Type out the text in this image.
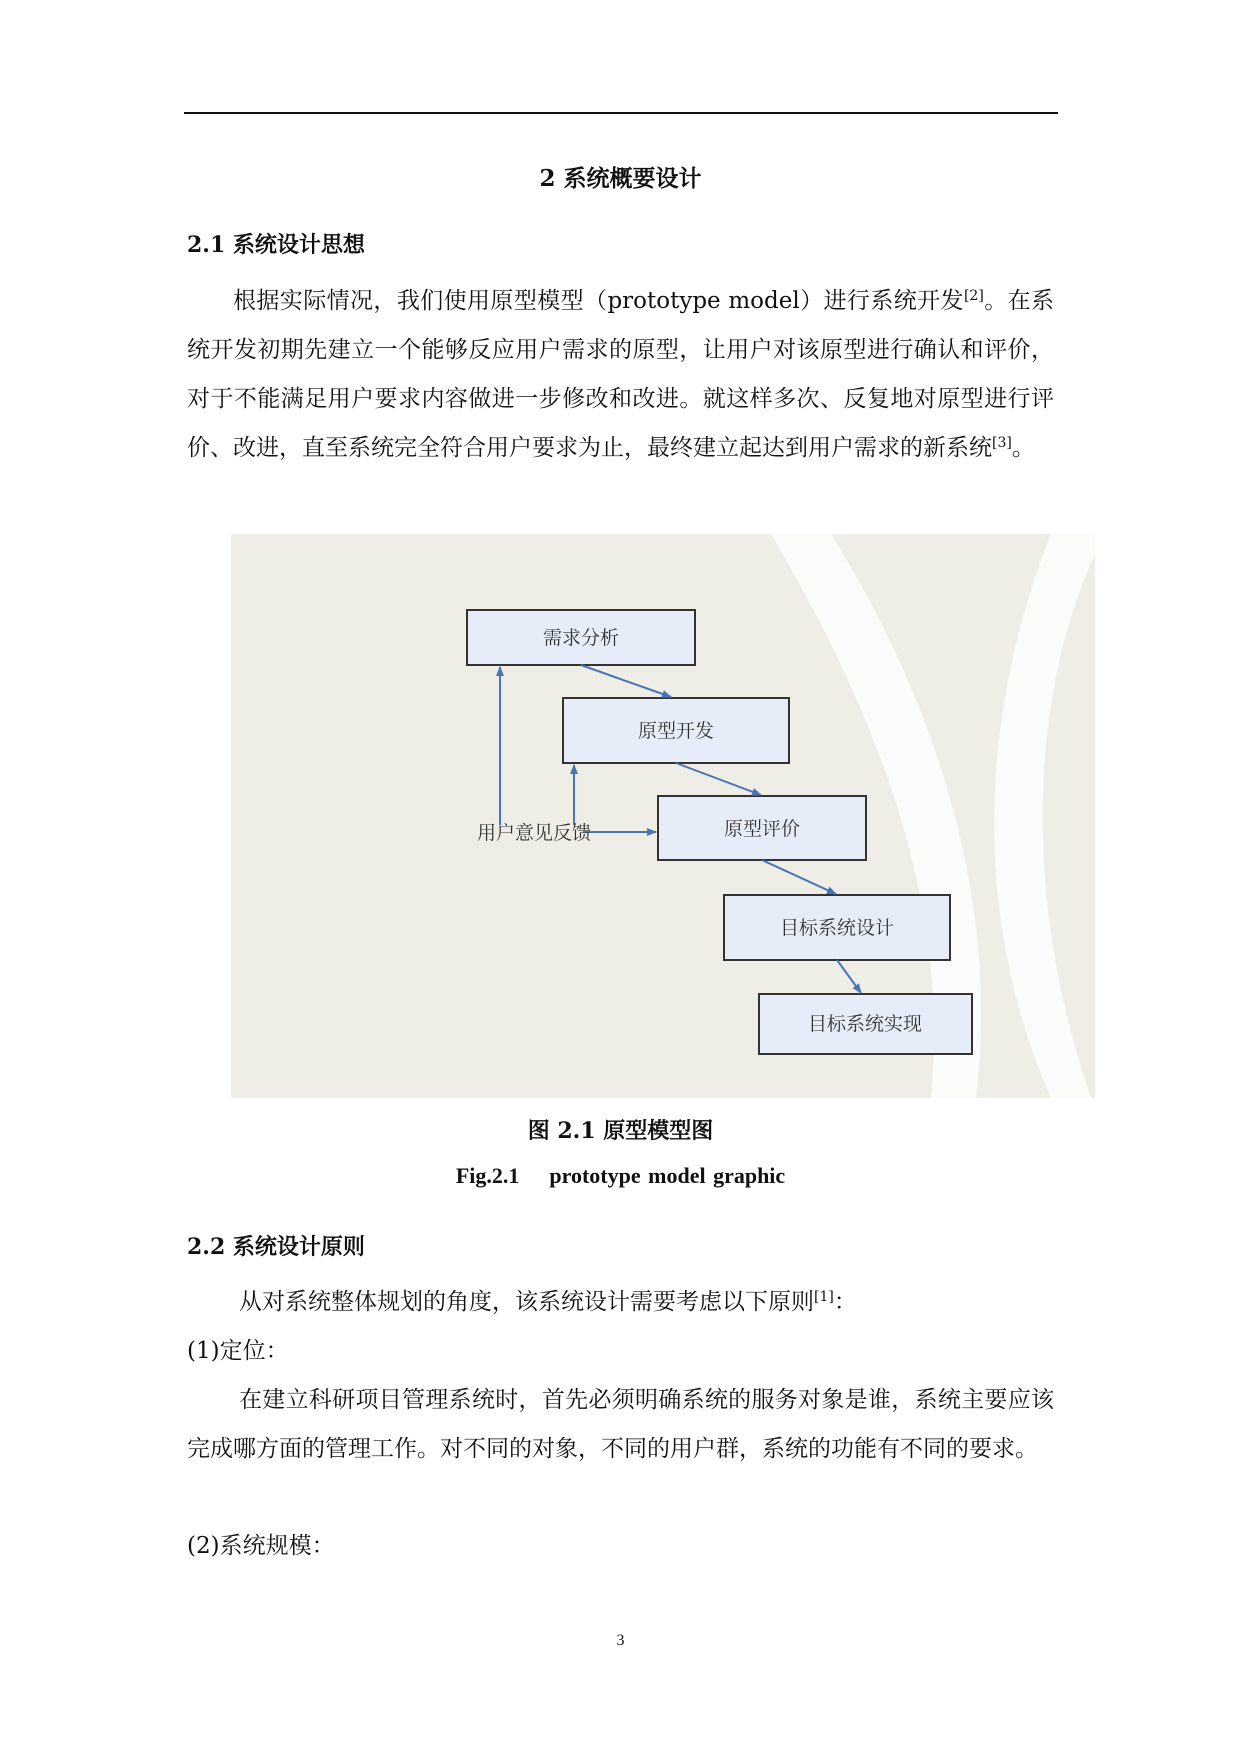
2 系统概要设计
2.1 系统设计思想

根据实际情况，我们使用原型模型（prototype model）进行系统开发[2]。在系统开发初期先建立一个能够反应用户需求的原型，让用户对该原型进行确认和评价，对于不能满足用户要求内容做进一步修改和改进。就这样多次、反复地对原型进行评价、改进，直至系统完全符合用户要求为止，最终建立起达到用户需求的新系统[3]。

需求分析
原型开发
原型评价
目标系统设计
目标系统实现
用户意见反馈
图 2.1 原型模型图
Fig.2.1 prototype model graphic
2.2 系统设计原则

从对系统整体规划的角度，该系统设计需要考虑以下原则[1]：

(1)定位：

在建立科研项目管理系统时，首先必须明确系统的服务对象是谁，系统主要应该完成哪方面的管理工作。对不同的对象，不同的用户群，系统的功能有不同的要求。

(2)系统规模：

3
